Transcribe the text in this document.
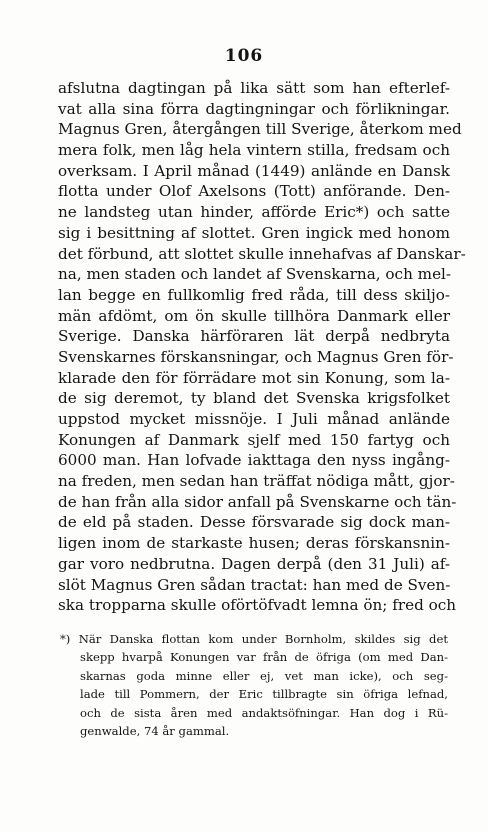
106
afslutna dagtingan på lika sätt som han efterlef-
vat alla sina förra dagtingningar och förlikningar.
Magnus Gren, återgången till Sverige, återkom med
mera folk, men låg hela vintern stilla, fredsam och
overksam. I April månad (1449) anlände en Dansk
flotta under Olof Axelsons (Tott) anförande. Den-
ne landsteg utan hinder, afförde Eric*) och satte
sig i besittning af slottet. Gren ingick med honom
det förbund, att slottet skulle innehafvas af Danskar-
na, men staden och landet af Svenskarna, och mel-
lan begge en fullkomlig fred råda, till dess skiljo-
män afdömt, om ön skulle tillhöra Danmark eller
Sverige. Danska härföraren lät derpå nedbryta
Svenskarnes förskansningar, och Magnus Gren för-
klarade den för förrädare mot sin Konung, som la-
de sig deremot, ty bland det Svenska krigsfolket
uppstod mycket missnöje. I Juli månad anlände
Konungen af Danmark sjelf med 150 fartyg och
6000 man. Han lofvade iakttaga den nyss ingång-
na freden, men sedan han träffat nödiga mått, gjor-
de han från alla sidor anfall på Svenskarne och tän-
de eld på staden. Desse försvarade sig dock man-
ligen inom de starkaste husen; deras förskansnin-
gar voro nedbrutna. Dagen derpå (den 31 Juli) af-
slöt Magnus Gren sådan tractat: han med de Sven-
ska tropparna skulle oförtöfvadt lemna ön; fred och
*) När Danska flottan kom under Bornholm, skildes sig det
skepp hvarpå Konungen var från de öfriga (om med Dan-
skarnas goda minne eller ej, vet man icke), och seg-
lade till Pommern, der Eric tillbragte sin öfriga lefnad,
och de sista åren med andaktsöfningar. Han dog i Rü-
genwalde, 74 år gammal.
